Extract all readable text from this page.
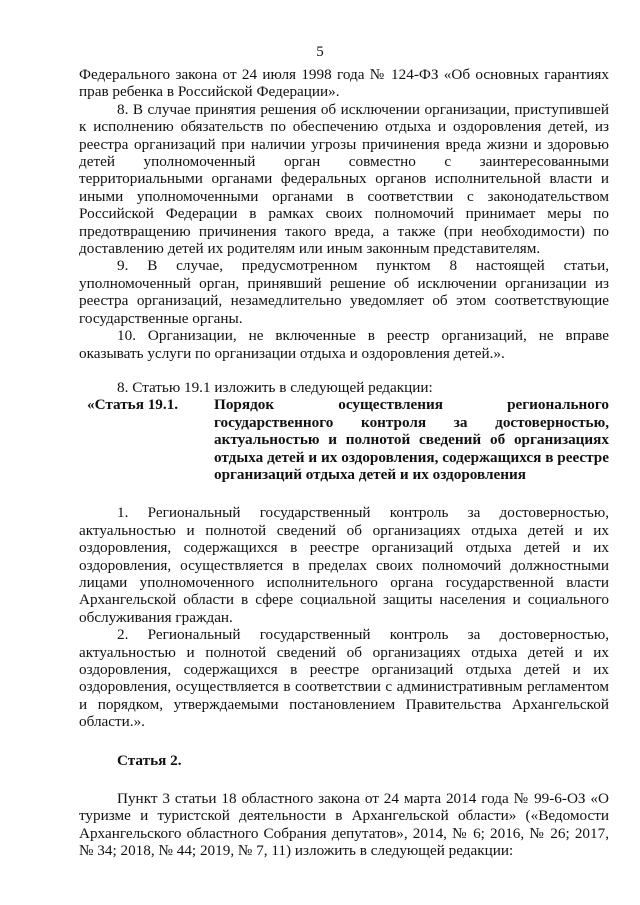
5

Федерального закона от 24 июля 1998 года № 124-ФЗ «Об основных гарантиях прав ребенка в Российской Федерации».

8. В случае принятия решения об исключении организации, приступившей к исполнению обязательств по обеспечению отдыха и оздоровления детей, из реестра организаций при наличии угрозы причинения вреда жизни и здоровью детей уполномоченный орган совместно с заинтересованными территориальными органами федеральных органов исполнительной власти и иными уполномоченными органами в соответствии с законодательством Российской Федерации в рамках своих полномочий принимает меры по предотвращению причинения такого вреда, а также (при необходимости) по доставлению детей их родителям или иным законным представителям.

9. В случае, предусмотренном пунктом 8 настоящей статьи, уполномоченный орган, принявший решение об исключении организации из реестра организаций, незамедлительно уведомляет об этом соответствующие государственные органы.

10. Организации, не включенные в реестр организаций, не вправе оказывать услуги по организации отдыха и оздоровления детей.».

8. Статью 19.1 изложить в следующей редакции:

«Статья 19.1.	Порядок осуществления регионального государственного контроля за достоверностью, актуальностью и полнотой сведений об организациях отдыха детей и их оздоровления, содержащихся в реестре организаций отдыха детей и их оздоровления

1. Региональный государственный контроль за достоверностью, актуальностью и полнотой сведений об организациях отдыха детей и их оздоровления, содержащихся в реестре организаций отдыха детей и их оздоровления, осуществляется в пределах своих полномочий должностными лицами уполномоченного исполнительного органа государственной власти Архангельской области в сфере социальной защиты населения и социального обслуживания граждан.

2. Региональный государственный контроль за достоверностью, актуальностью и полнотой сведений об организациях отдыха детей и их оздоровления, содержащихся в реестре организаций отдыха детей и их оздоровления, осуществляется в соответствии с административным регламентом и порядком, утверждаемыми постановлением Правительства Архангельской области.».

Статья 2.

Пункт 3 статьи 18 областного закона от 24 марта 2014 года № 99-6-ОЗ «О туризме и туристской деятельности в Архангельской области» («Ведомости Архангельского областного Собрания депутатов», 2014, № 6; 2016, № 26; 2017, № 34; 2018, № 44; 2019, № 7, 11) изложить в следующей редакции:
